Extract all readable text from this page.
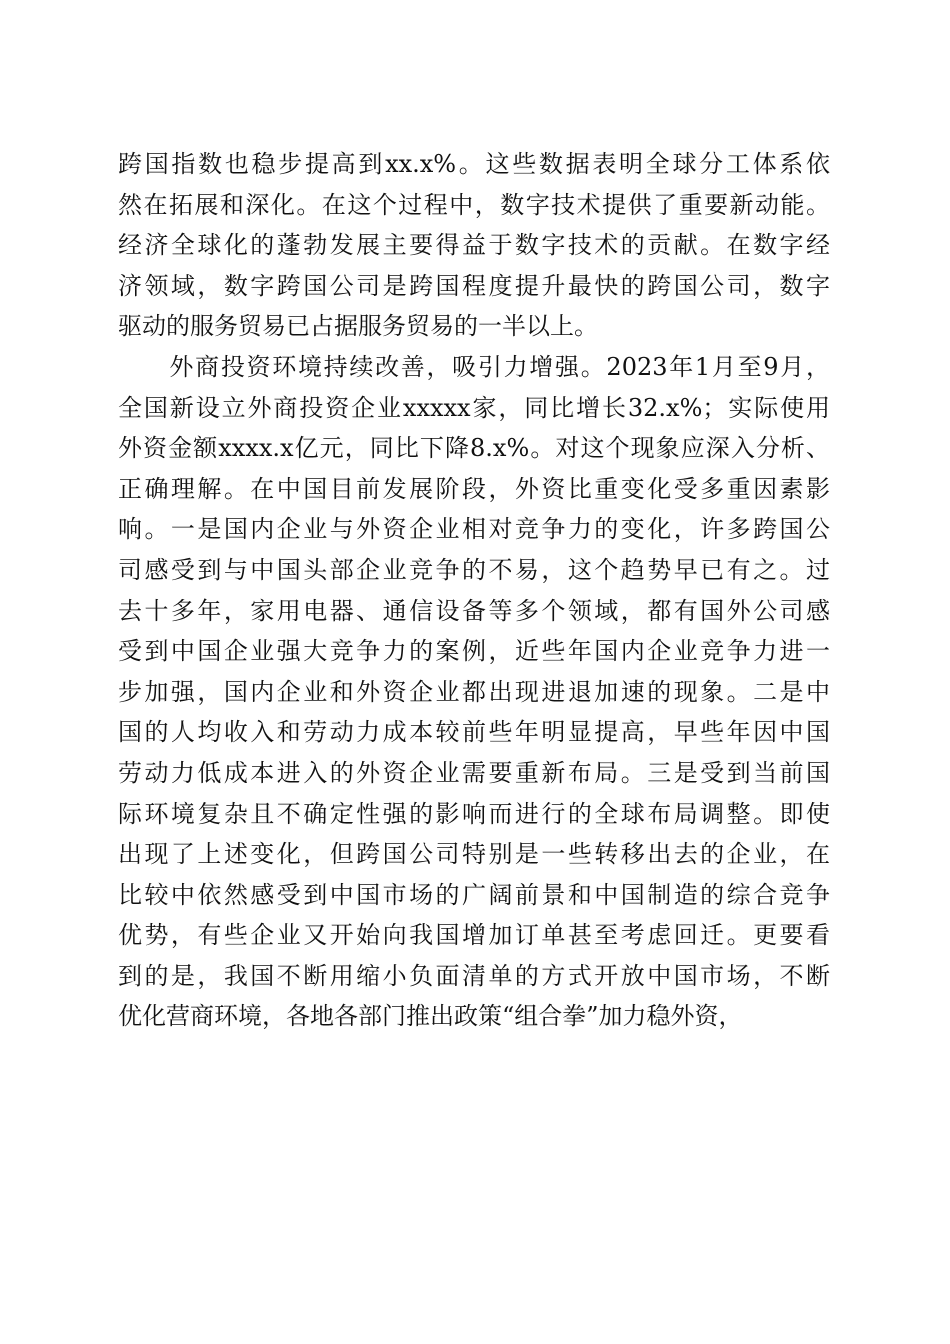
跨国指数也稳步提高到xx.x%。这些数据表明全球分工体系依
然在拓展和深化。在这个过程中，数字技术提供了重要新动能。
经济全球化的蓬勃发展主要得益于数字技术的贡献。在数字经
济领域，数字跨国公司是跨国程度提升最快的跨国公司，数字
驱动的服务贸易已占据服务贸易的一半以上。
　　外商投资环境持续改善，吸引力增强。2023年1月至9月，
全国新设立外商投资企业xxxxx家，同比增长32.x%；实际使用
外资金额xxxx.x亿元，同比下降8.x%。对这个现象应深入分析、
正确理解。在中国目前发展阶段，外资比重变化受多重因素影
响。一是国内企业与外资企业相对竞争力的变化，许多跨国公
司感受到与中国头部企业竞争的不易，这个趋势早已有之。过
去十多年，家用电器、通信设备等多个领域，都有国外公司感
受到中国企业强大竞争力的案例，近些年国内企业竞争力进一
步加强，国内企业和外资企业都出现进退加速的现象。二是中
国的人均收入和劳动力成本较前些年明显提高，早些年因中国
劳动力低成本进入的外资企业需要重新布局。三是受到当前国
际环境复杂且不确定性强的影响而进行的全球布局调整。即使
出现了上述变化，但跨国公司特别是一些转移出去的企业，在
比较中依然感受到中国市场的广阔前景和中国制造的综合竞争
优势，有些企业又开始向我国增加订单甚至考虑回迁。更要看
到的是，我国不断用缩小负面清单的方式开放中国市场，不断
优化营商环境，各地各部门推出政策“组合拳”加力稳外资，
